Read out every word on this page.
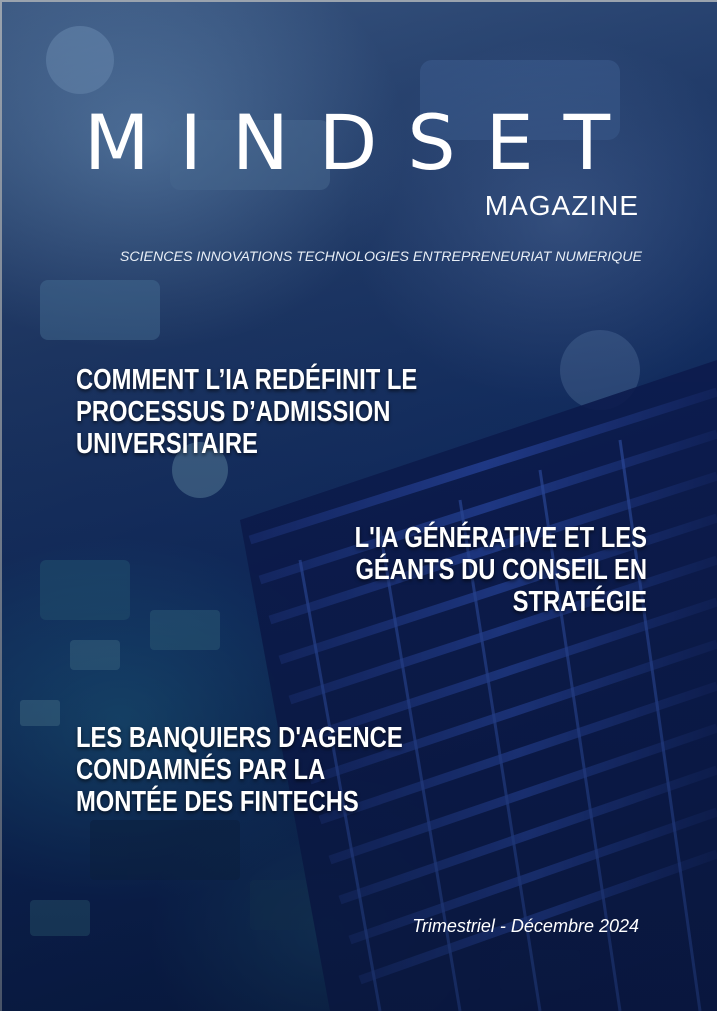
MINDSET
MAGAZINE
SCIENCES INNOVATIONS TECHNOLOGIES ENTREPRENEURIAT NUMERIQUE
COMMENT L’IA REDÉFINIT LE PROCESSUS D’ADMISSION UNIVERSITAIRE
L'IA GÉNÉRATIVE ET LES GÉANTS DU CONSEIL EN STRATÉGIE
LES BANQUIERS D'AGENCE CONDAMNÉS PAR LA MONTÉE DES FINTECHS
Trimestriel - Décembre 2024
